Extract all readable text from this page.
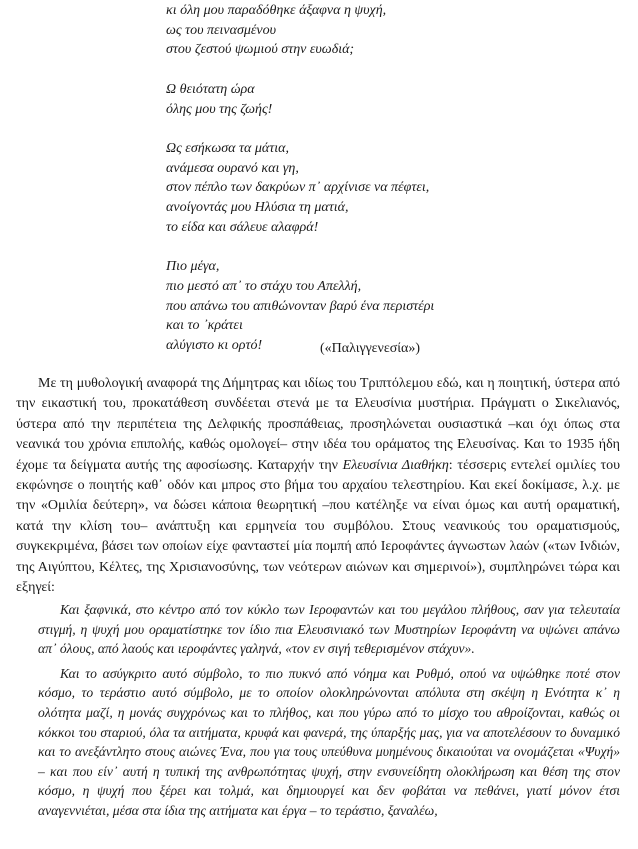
κι όλη μου παραδόθηκε άξαφνα η ψυχή,
ως του πεινασμένου
στου ζεστού ψωμιού στην ευωδιά;
Ω θειότατη ώρα
όλης μου της ζωής!
Ως εσήκωσα τα μάτια,
ανάμεσα ουρανό και γη,
στον πέπλο των δακρύων π᾽ αρχίνισε να πέφτει,
ανοίγοντάς μου Ηλύσια τη ματιά,
το είδα και σάλευε αλαφρά!
Πιο μέγα,
πιο μεστό απ᾽ το στάχυ του Απελλή,
που απάνω του απιθώνονταν βαρύ ένα περιστέρι
και το ᾽κράτει
αλύγιστο κι ορτό!	(«Παλιγγενεσία»)

Με τη μυθολογική αναφορά της Δήμητρας και ιδίως του Τριπτόλεμου εδώ, και η ποιητική, ύστερα από την εικαστική του, προκατάθεση συνδέεται στενά με τα Ελευσίνια μυστήρια. Πράγματι ο Σικελιανός, ύστερα από την περιπέτεια της Δελφικής προσπάθειας, προσηλώνεται ουσιαστικά –και όχι όπως στα νεανικά του χρόνια επιπολής, καθώς ομολογεί– στην ιδέα του οράματος της Ελευσίνας. Και το 1935 ήδη έχομε τα δείγματα αυτής της αφοσίωσης. Καταρχήν την Ελευσίνια Διαθήκη: τέσσερις εντελεί ομιλίες του εκφώνησε ο ποιητής καθ᾽ οδόν και μπρος στο βήμα του αρχαίου τελεστηρίου. Και εκεί δοκίμασε, λ.χ. με την «Ομιλία δεύτερη», να δώσει κάποια θεωρητική –που κατέληξε να είναι όμως και αυτή οραματική, κατά την κλίση του– ανάπτυξη και ερμηνεία του συμβόλου. Στους νεανικούς του οραματισμούς, συγκεκριμένα, βάσει των οποίων είχε φανταστεί μία πομπή από Ιεροφάντες άγνωστων λαών («των Ινδιών, της Αιγύπτου, Κέλτες, της Χρισιανοσύνης, των νεότερων αιώνων και σημερινοί»), συμπληρώνει τώρα και εξηγεί:

Και ξαφνικά, στο κέντρο από τον κύκλο των Ιεροφαντών και του μεγάλου πλήθους, σαν για τελευταία στιγμή, η ψυχή μου οραματίστηκε τον ίδιο πια Ελευσινιακό των Μυστηρίων Ιεροφάντη να υψώνει απάνω απ᾽ όλους, από λαούς και ιεροφάντες γαληνά, «τον εν σιγή τεθερισμένον στάχυν».

Και το ασύγκριτο αυτό σύμβολο, το πιο πυκνό από νόημα και Ρυθμό, οπού να υψώθηκε ποτέ στον κόσμο, το τεράστιο αυτό σύμβολο, με το οποίον ολοκληρώνονται απόλυτα στη σκέψη η Ενότητα κ᾽ η ολότητα μαζί, η μονάς συγχρόνως και το πλήθος, και που γύρω από το μίσχο του αθροίζονται, καθώς οι κόκκοι του σταριού, όλα τα αιτήματα, κρυφά και φανερά, της ύπαρξής μας, για να αποτελέσουν το δυναμικό και το ανεξάντλητο στους αιώνες Ένα, που για τους υπεύθυνα μυημένους δικαιούται να ονομάζεται «Ψυχή» – και που είν᾽ αυτή η τυπική της ανθρωπότητας ψυχή, στην ενσυνείδητη ολοκλήρωση και θέση της στον κόσμο, η ψυχή που ξέρει και τολμά, και δημιουργεί και δεν φοβάται να πεθάνει, γιατί μόνον έτσι αναγεννιέται, μέσα στα ίδια της αιτήματα και έργα – το τεράστιο, ξαναλέω,
